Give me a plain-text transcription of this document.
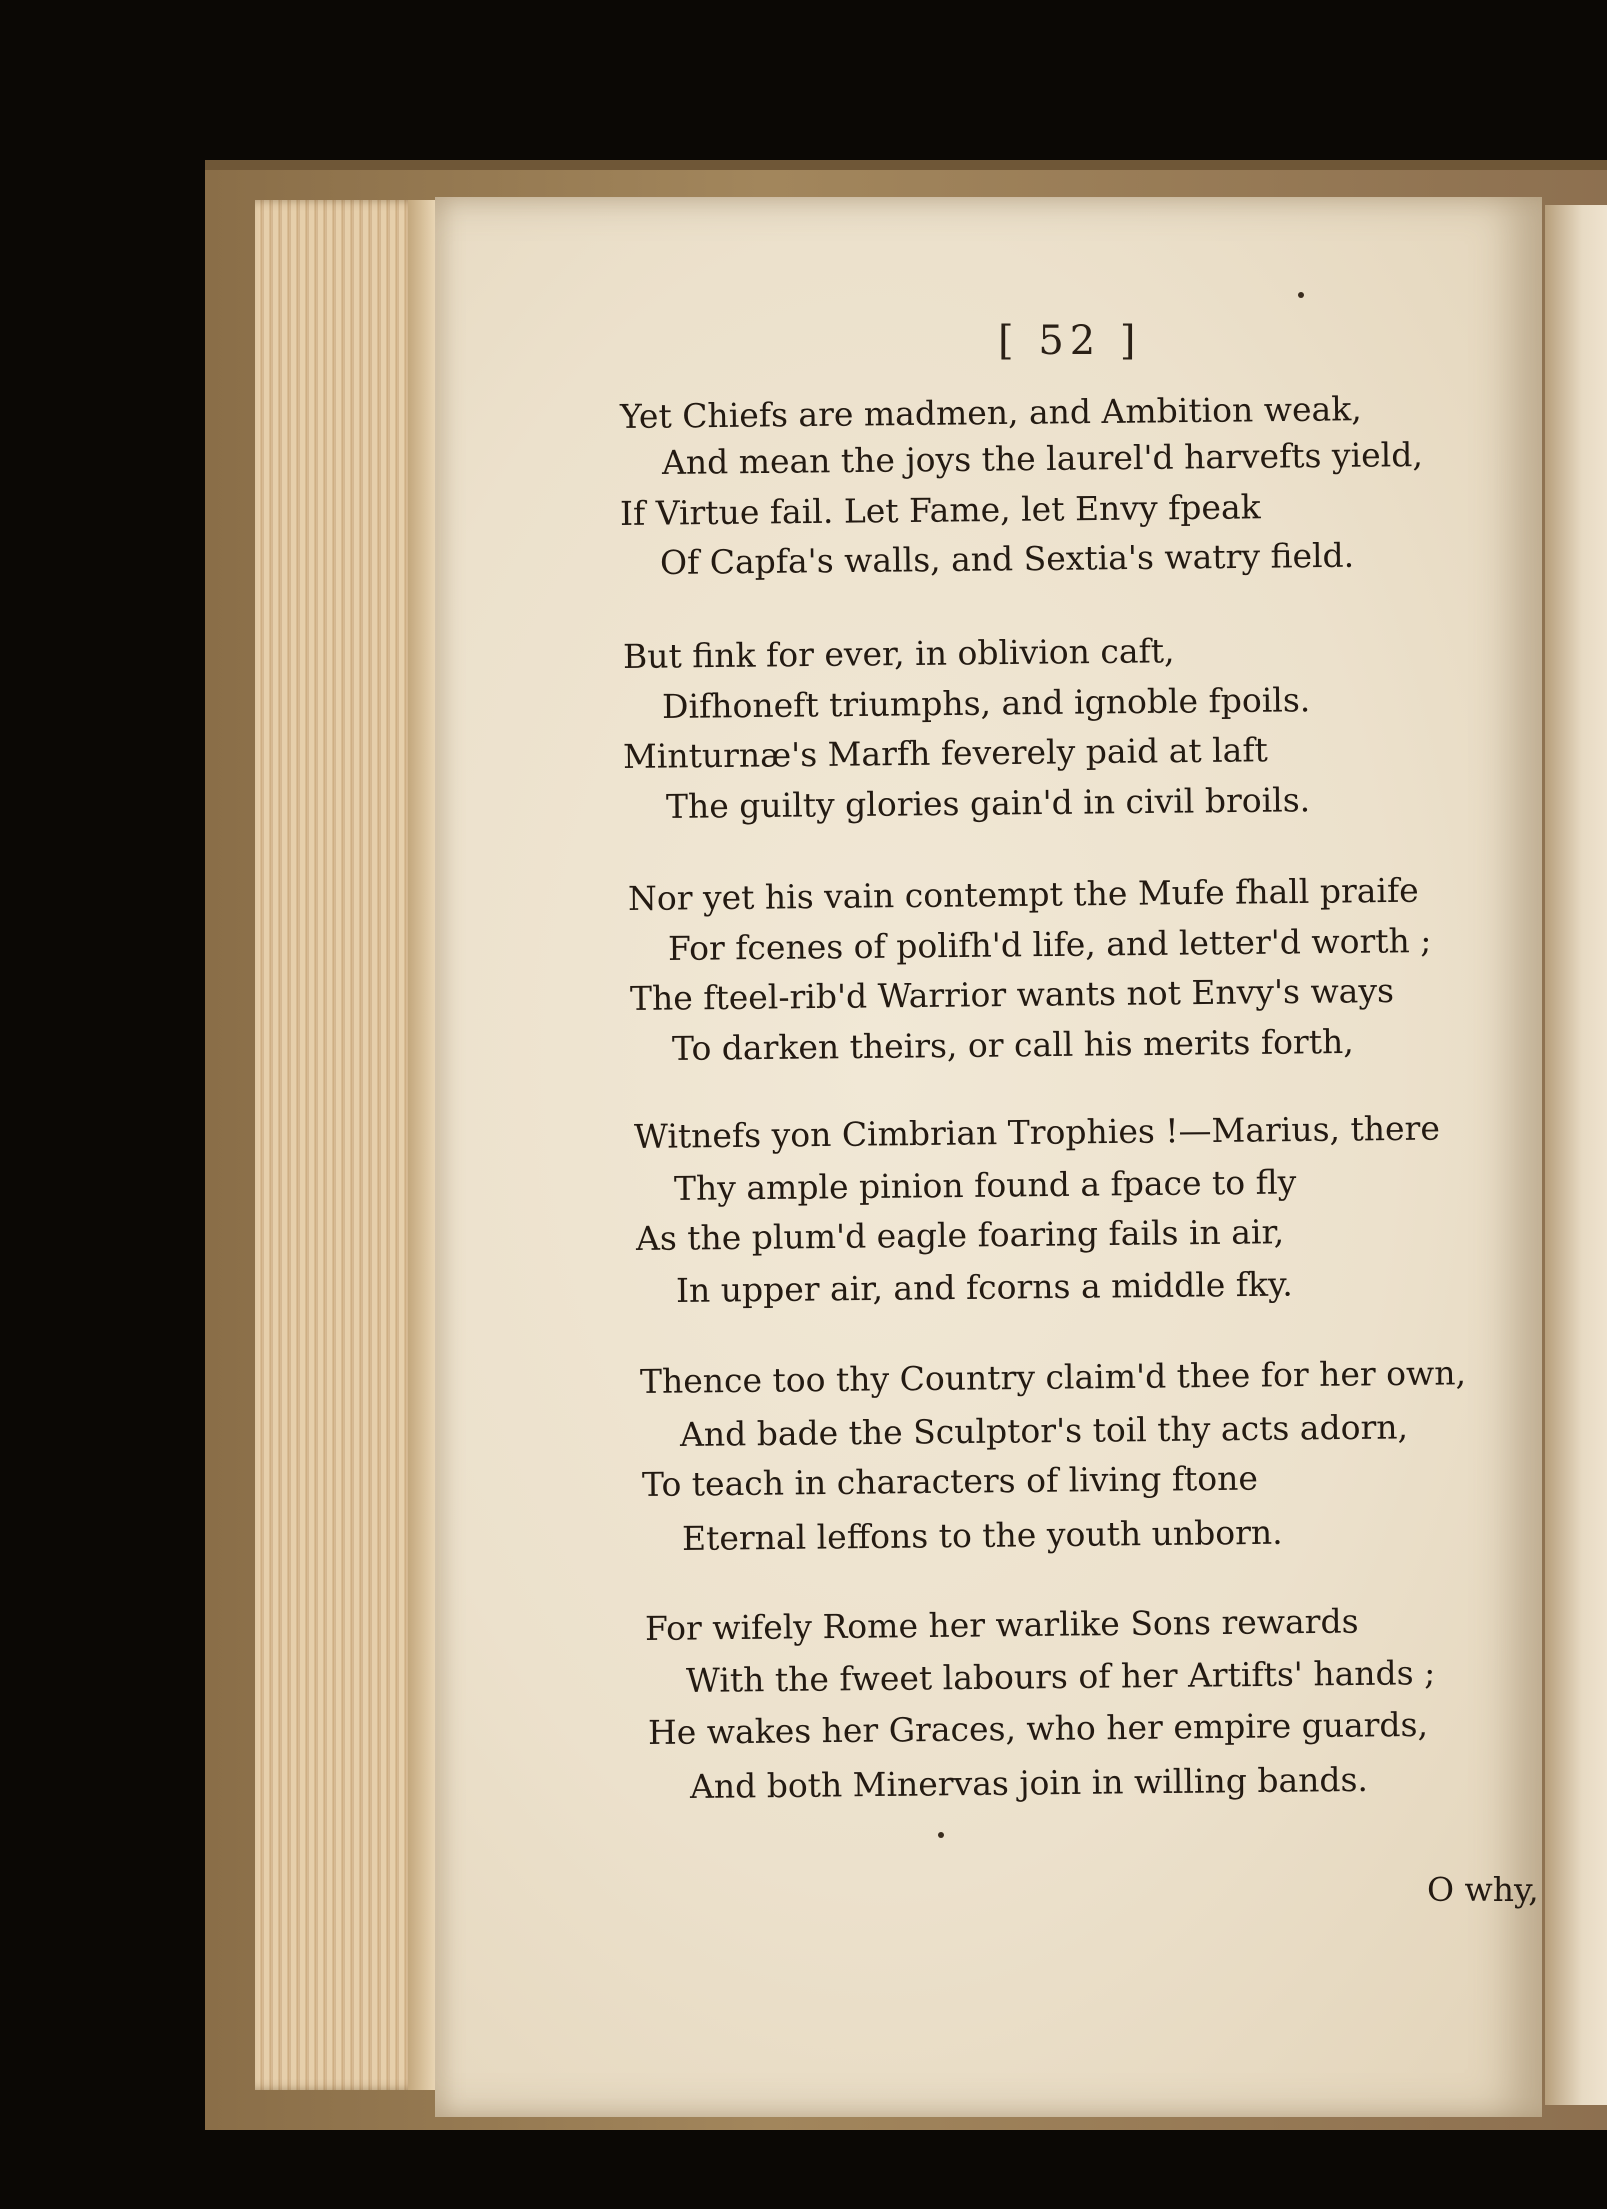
[ 52 ]
Yet Chiefs are madmen, and Ambition weak,
And mean the joys the laurel'd harvefts yield,
If Virtue fail. Let Fame, let Envy fpeak
Of Capfa's walls, and Sextia's watry field.
But fink for ever, in oblivion caft,
Difhoneft triumphs, and ignoble fpoils.
Minturnæ's Marfh feverely paid at laft
The guilty glories gain'd in civil broils.
Nor yet his vain contempt the Mufe fhall praife
For fcenes of polifh'd life, and letter'd worth ;
The fteel-rib'd Warrior wants not Envy's ways
To darken theirs, or call his merits forth,
Witnefs yon Cimbrian Trophies !—Marius, there
Thy ample pinion found a fpace to fly
As the plum'd eagle foaring fails in air,
In upper air, and fcorns a middle fky.
Thence too thy Country claim'd thee for her own,
And bade the Sculptor's toil thy acts adorn,
To teach in characters of living ftone
Eternal leffons to the youth unborn.
For wifely Rome her warlike Sons rewards
With the fweet labours of her Artifts' hands ;
He wakes her Graces, who her empire guards,
And both Minervas join in willing bands.
O why,
